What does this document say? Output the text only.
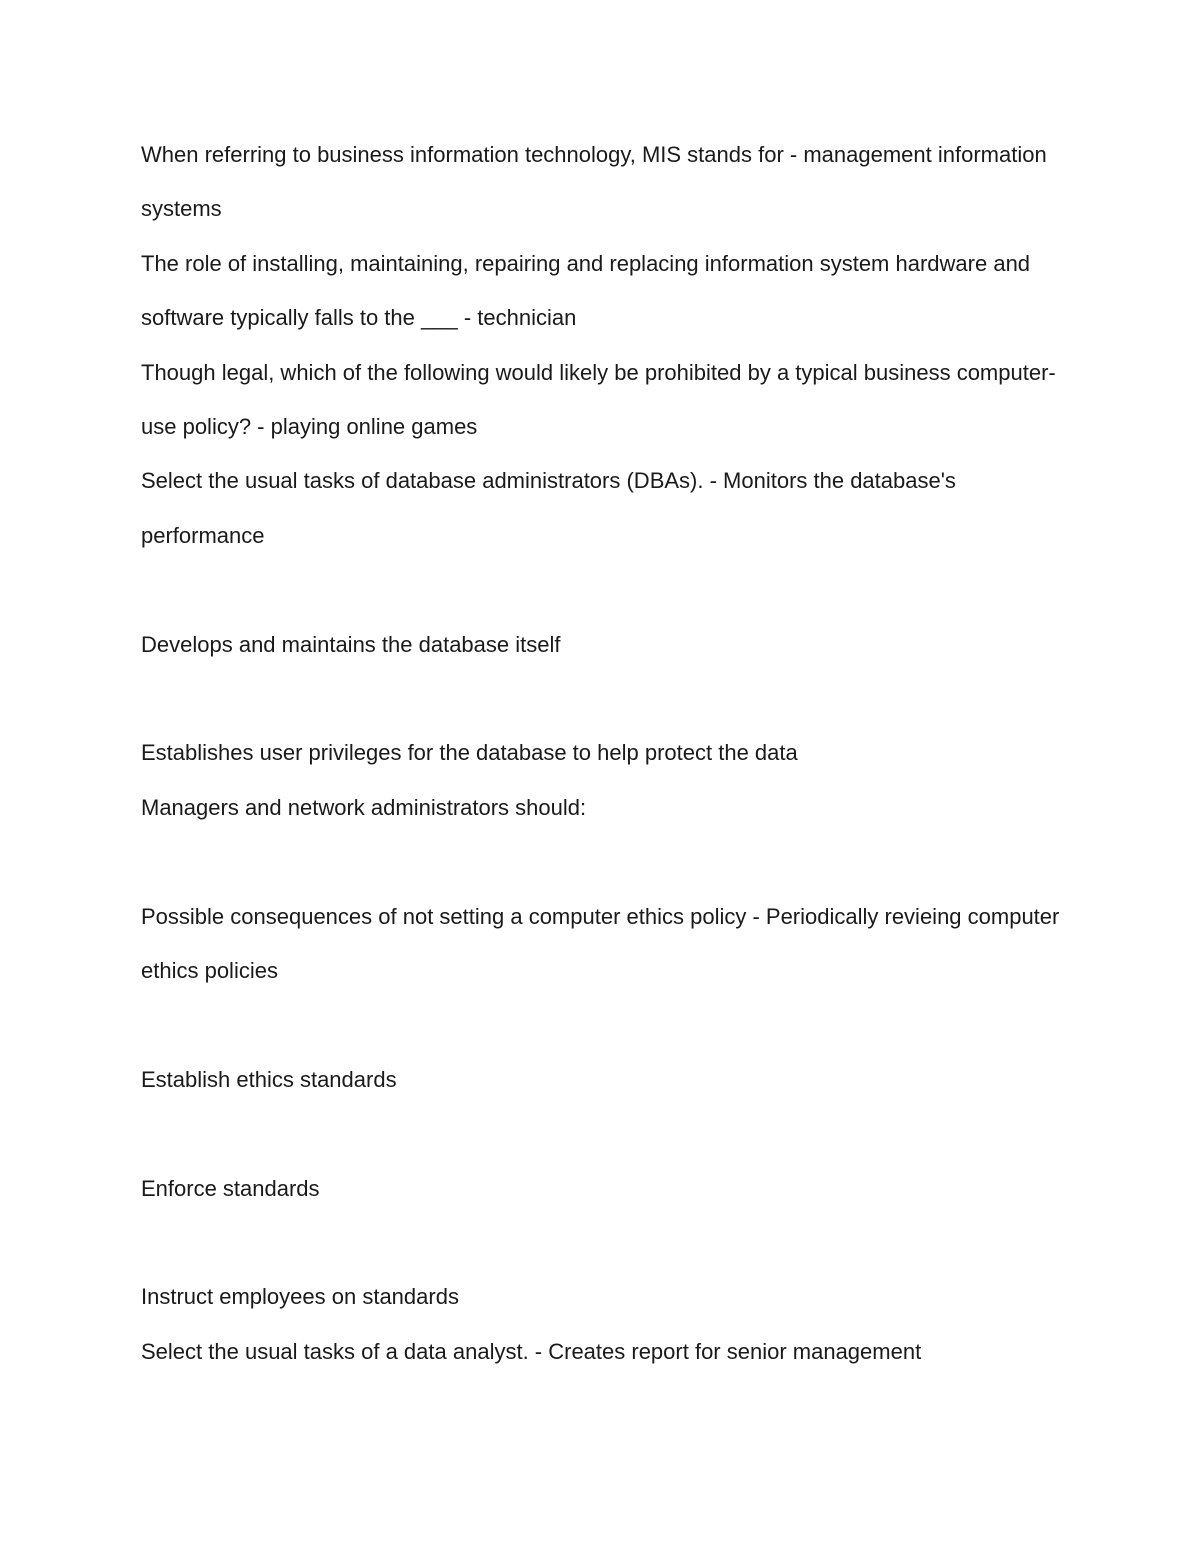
When referring to business information technology, MIS stands for - management information systems

The role of installing, maintaining, repairing and replacing information system hardware and software typically falls to the ___ - technician

Though legal, which of the following would likely be prohibited by a typical business computer-use policy? - playing online games

Select the usual tasks of database administrators (DBAs). - Monitors the database's performance

Develops and maintains the database itself

Establishes user privileges for the database to help protect the data

Managers and network administrators should:

Possible consequences of not setting a computer ethics policy - Periodically revieing computer ethics policies

Establish ethics standards

Enforce standards

Instruct employees on standards

Select the usual tasks of a data analyst. - Creates report for senior management
